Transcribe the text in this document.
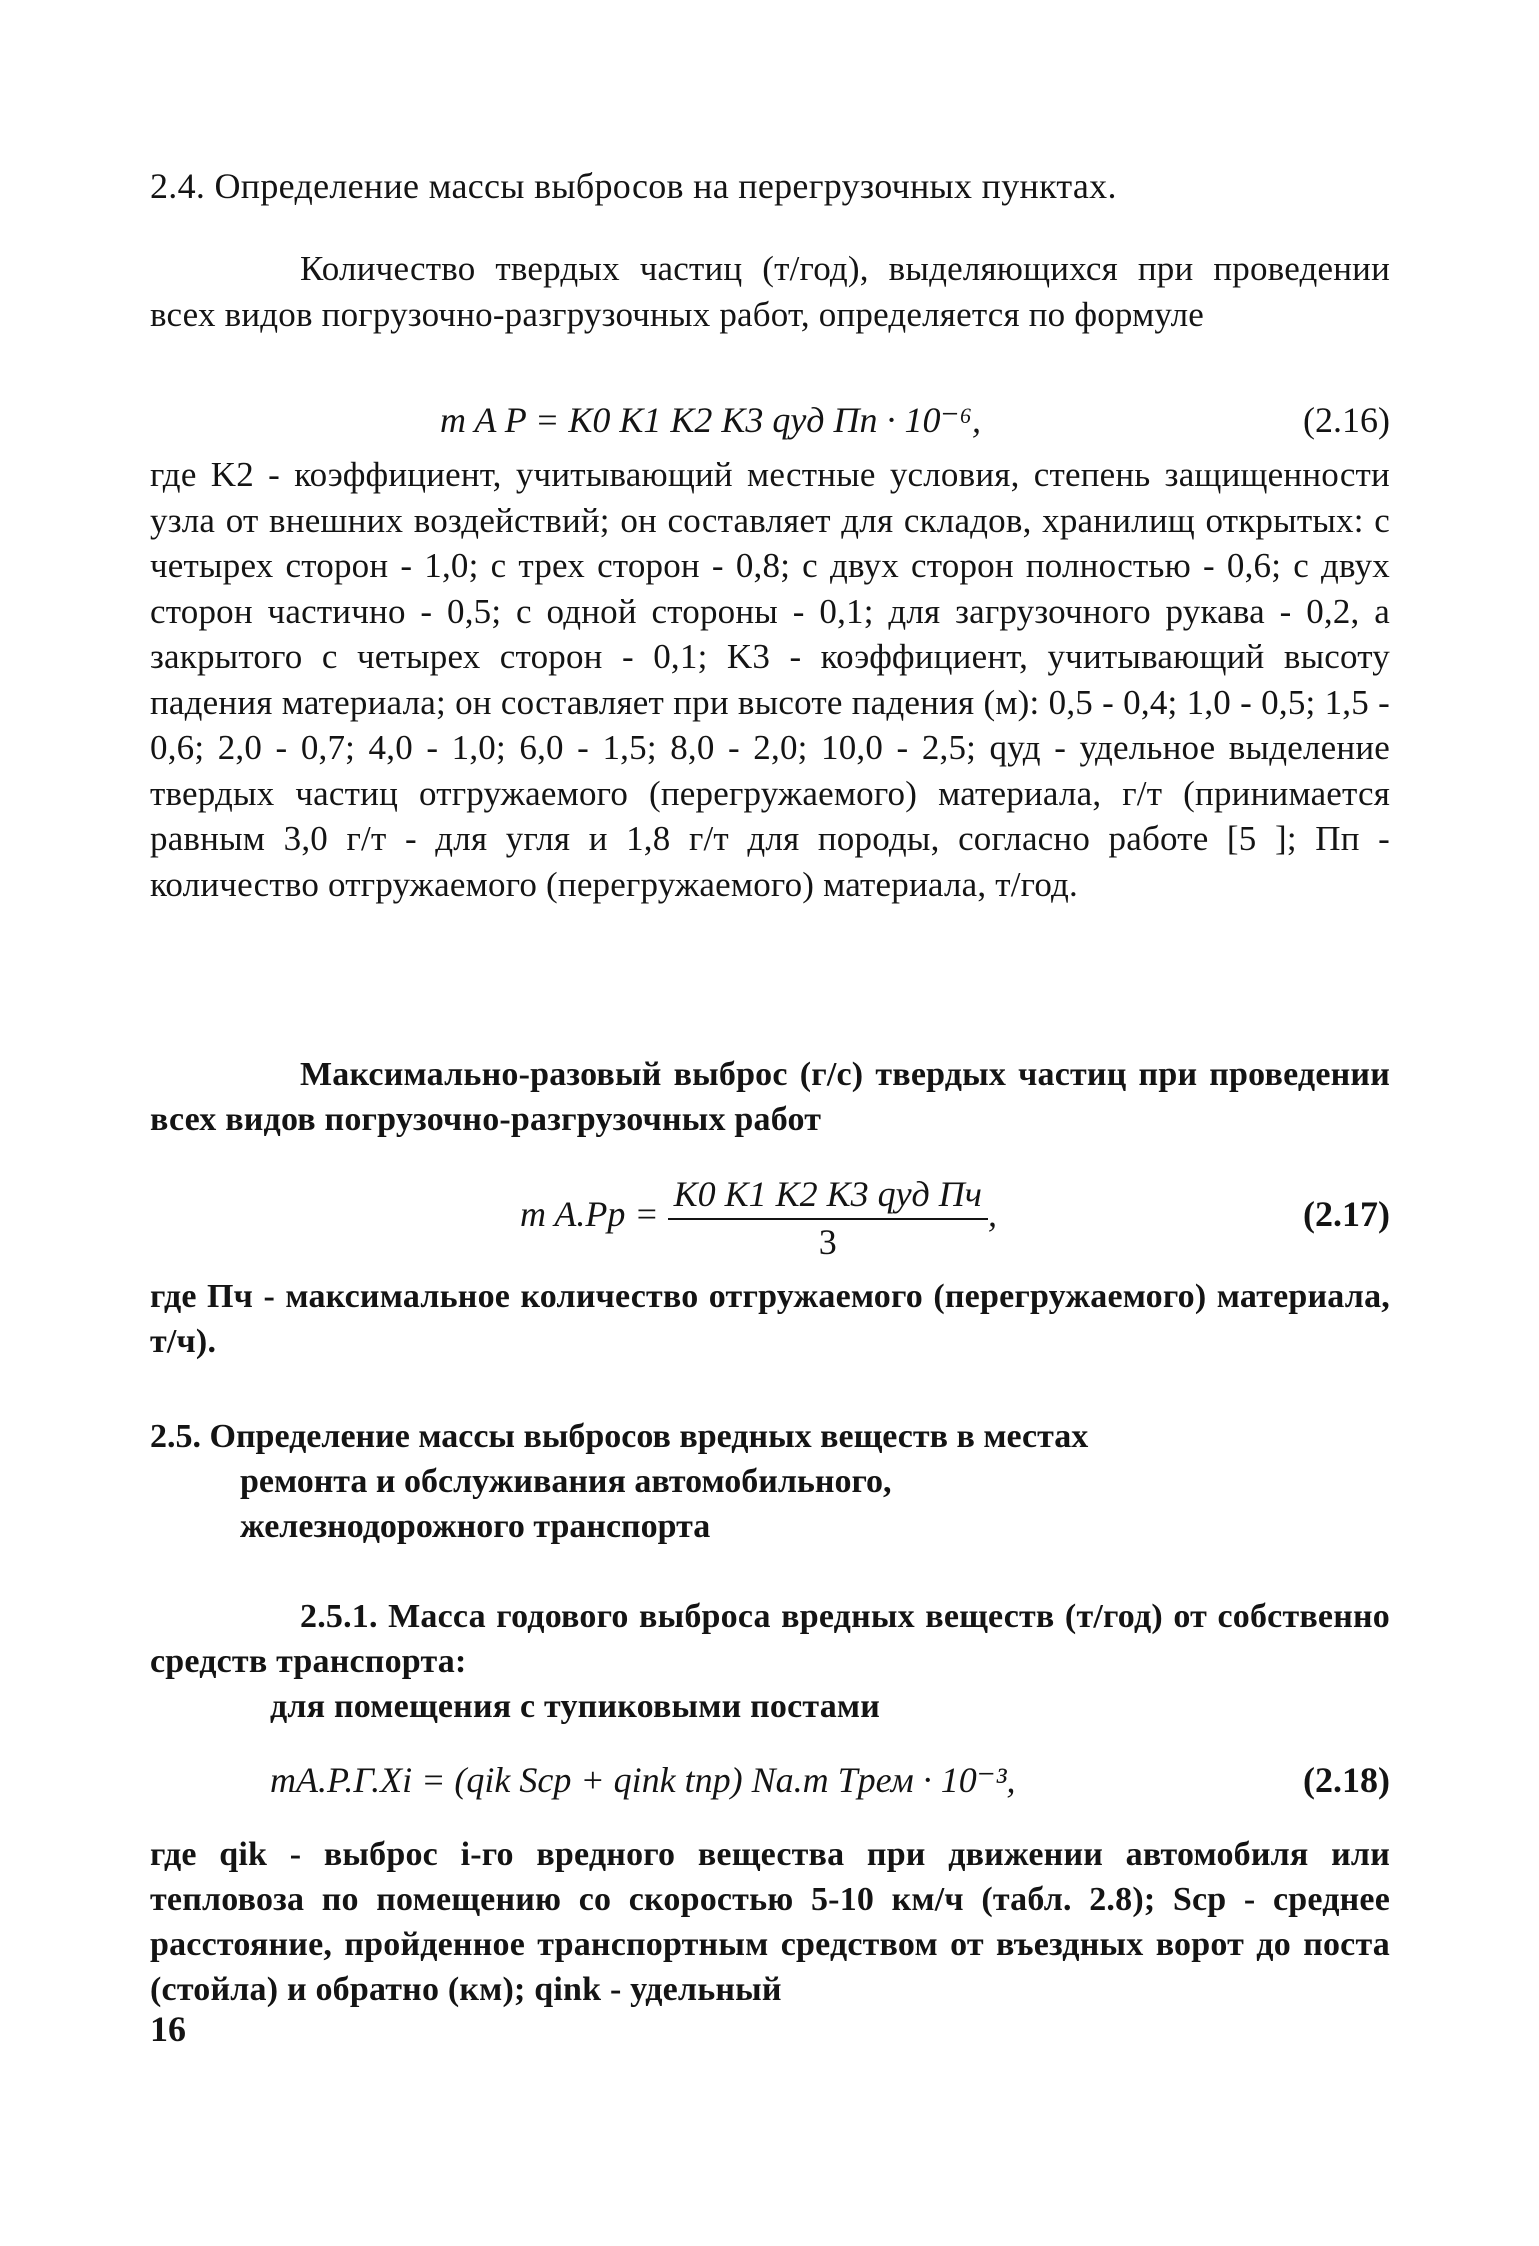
2.4. Определение массы выбросов на перегрузочных пунктах.

Количество твердых частиц (т/год), выделяющихся при проведении всех видов погрузочно-разгрузочных работ, определяется по формуле

m A P = K0 K1 K2 K3 qуд Пп · 10⁻⁶,	(2.16)

где K2 - коэффициент, учитывающий местные условия, степень защищенности узла от внешних воздействий; он составляет для складов, хранилищ открытых: с четырех сторон - 1,0; с трех сторон - 0,8; с двух сторон полностью - 0,6; с двух сторон частично - 0,5; с одной стороны - 0,1; для загрузочного рукава - 0,2, а закрытого с четырех сторон - 0,1; K3 - коэффициент, учитывающий высоту падения материала; он составляет при высоте падения (м): 0,5 - 0,4; 1,0 - 0,5; 1,5 - 0,6; 2,0 - 0,7; 4,0 - 1,0; 6,0 - 1,5; 8,0 - 2,0; 10,0 - 2,5; qуд - удельное выделение твердых частиц отгружаемого (перегружаемого) материала, г/т (принимается равным 3,0 г/т - для угля и 1,8 г/т для породы, согласно работе [5 ]; Пп - количество отгружаемого (перегружаемого) материала, т/год.

Максимально-разовый выброс (г/с) твердых частиц при проведении всех видов погрузочно-разгрузочных работ

m $A.Pp = \frac{\text{K0 K1 K2 K3 qуд Пч}}{3}$ ,	(2.17)

где Пч - максимальное количество отгружаемого (перегружаемого) материала, т/ч).

2.5. Определение массы выбросов вредных веществ в местах
ремонта и обслуживания автомобильного,
железнодорожного транспорта

2.5.1. Масса годового выброса вредных веществ (т/год) от собственно средств транспорта:

для помещения с тупиковыми постами

mA.P.Г.Xi = (qik Sср + qink tпр) Na.m Tрем · 10⁻³,	(2.18)

где qik - выброс i-го вредного вещества при движении автомобиля или тепловоза по помещению со скоростью 5-10 км/ч (табл. 2.8); Sср - среднее расстояние, пройденное транспортным средством от въездных ворот до поста (стойла) и обратно (км); qink - удельный

16
